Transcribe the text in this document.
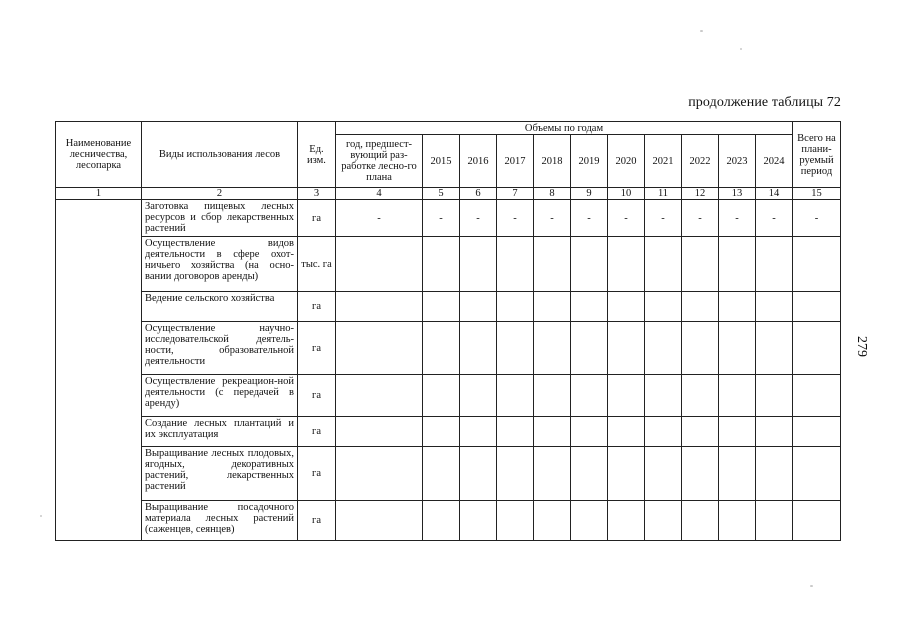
продолжение таблицы 72
279
Наименование лесничества, лесопарка	Виды использования лесов	Ед. изм.	Объемы по годам											Всего на плани-руемый период
			год, предшест-вующий раз-работке лесно-го плана	2015	2016	2017	2018	2019	2020	2021	2022	2023	2024	
1	2	3	4	5	6	7	8	9	10	11	12	13	14	15
	Заготовка пищевых лесных ресурсов и сбор лекарственных растений	га	-	-	-	-	-	-	-	-	-	-	-	-
	Осуществление видов деятельности в сфере охот-ничьего хозяйства (на осно-вании договоров аренды)	тыс. га												
	Ведение сельского хозяйства	га												
	Осуществление научно-исследовательской деятель-ности, образовательной деятельности	га												
	Осуществление рекреацион-ной деятельности (с передачей в аренду)	га												
	Создание лесных плантаций и их эксплуатация	га												
	Выращивание лесных плодовых, ягодных, декоративных растений, лекарственных растений	га												
	Выращивание посадочного материала лесных растений (саженцев, сеянцев)	га												
